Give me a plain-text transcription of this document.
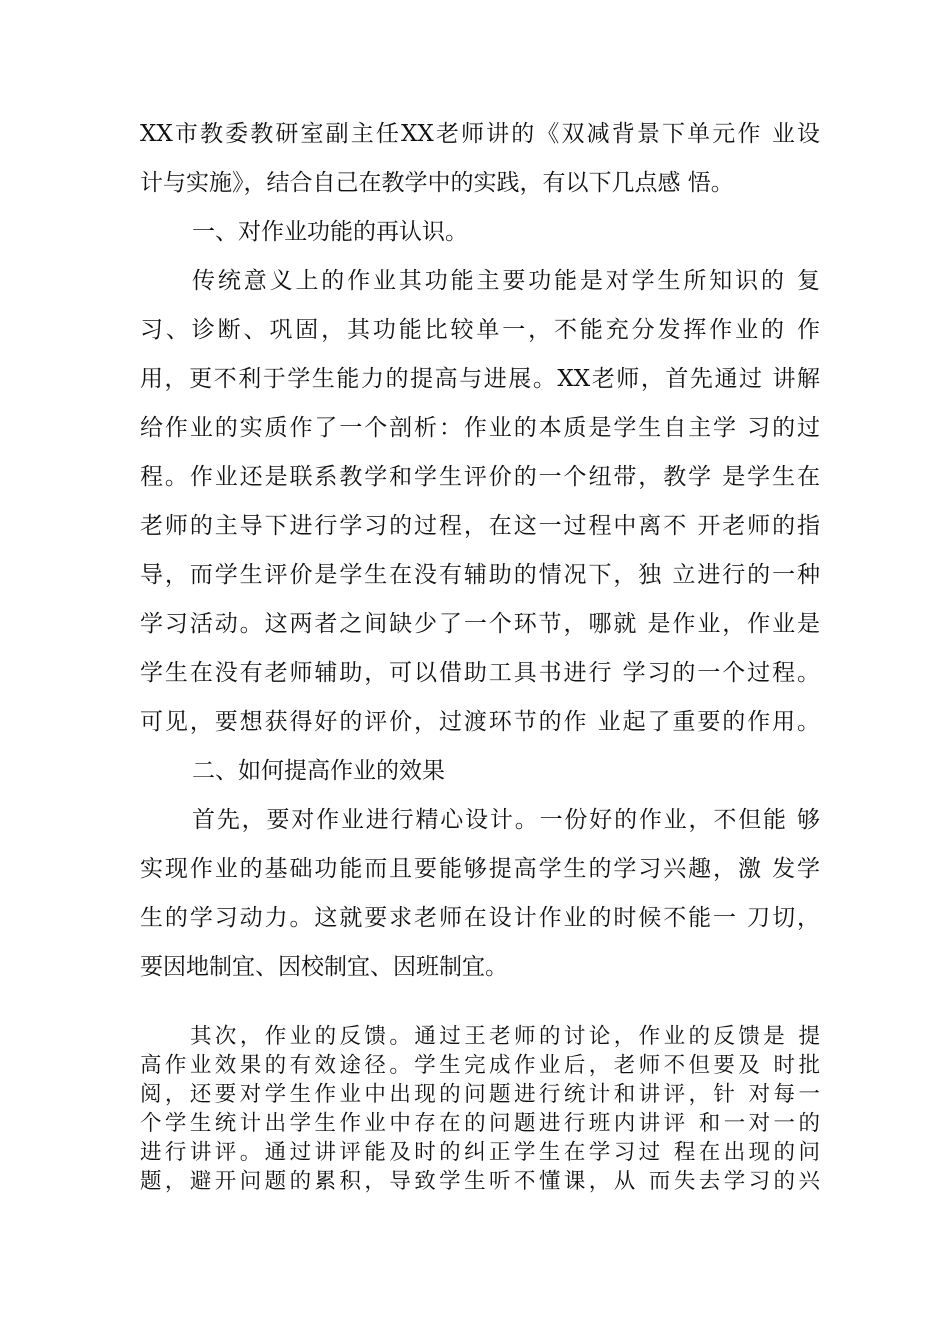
XX市教委教研室副主任XX老师讲的《双减背景下单元作 业设
计与实施》，结合自己在教学中的实践，有以下几点感 悟。
一、对作业功能的再认识。
传统意义上的作业其功能主要功能是对学生所知识的 复
习、诊断、巩固，其功能比较单一，不能充分发挥作业的 作
用，更不利于学生能力的提高与进展。XX老师，首先通过 讲解
给作业的实质作了一个剖析：作业的本质是学生自主学 习的过
程。作业还是联系教学和学生评价的一个纽带，教学 是学生在
老师的主导下进行学习的过程，在这一过程中离不 开老师的指
导，而学生评价是学生在没有辅助的情况下，独 立进行的一种
学习活动。这两者之间缺少了一个环节，哪就 是作业，作业是
学生在没有老师辅助，可以借助工具书进行 学习的一个过程。
可见，要想获得好的评价，过渡环节的作 业起了重要的作用。
二、如何提高作业的效果
首先，要对作业进行精心设计。一份好的作业，不但能 够
实现作业的基础功能而且要能够提高学生的学习兴趣，激 发学
生的学习动力。这就要求老师在设计作业的时候不能一 刀切，
要因地制宜、因校制宜、因班制宜。
其次，作业的反馈。通过王老师的讨论，作业的反馈是 提
高作业效果的有效途径。学生完成作业后，老师不但要及 时批
阅，还要对学生作业中出现的问题进行统计和讲评，针 对每一
个学生统计出学生作业中存在的问题进行班内讲评 和一对一的
进行讲评。通过讲评能及时的纠正学生在学习过 程在出现的问
题，避开问题的累积，导致学生听不懂课，从 而失去学习的兴
